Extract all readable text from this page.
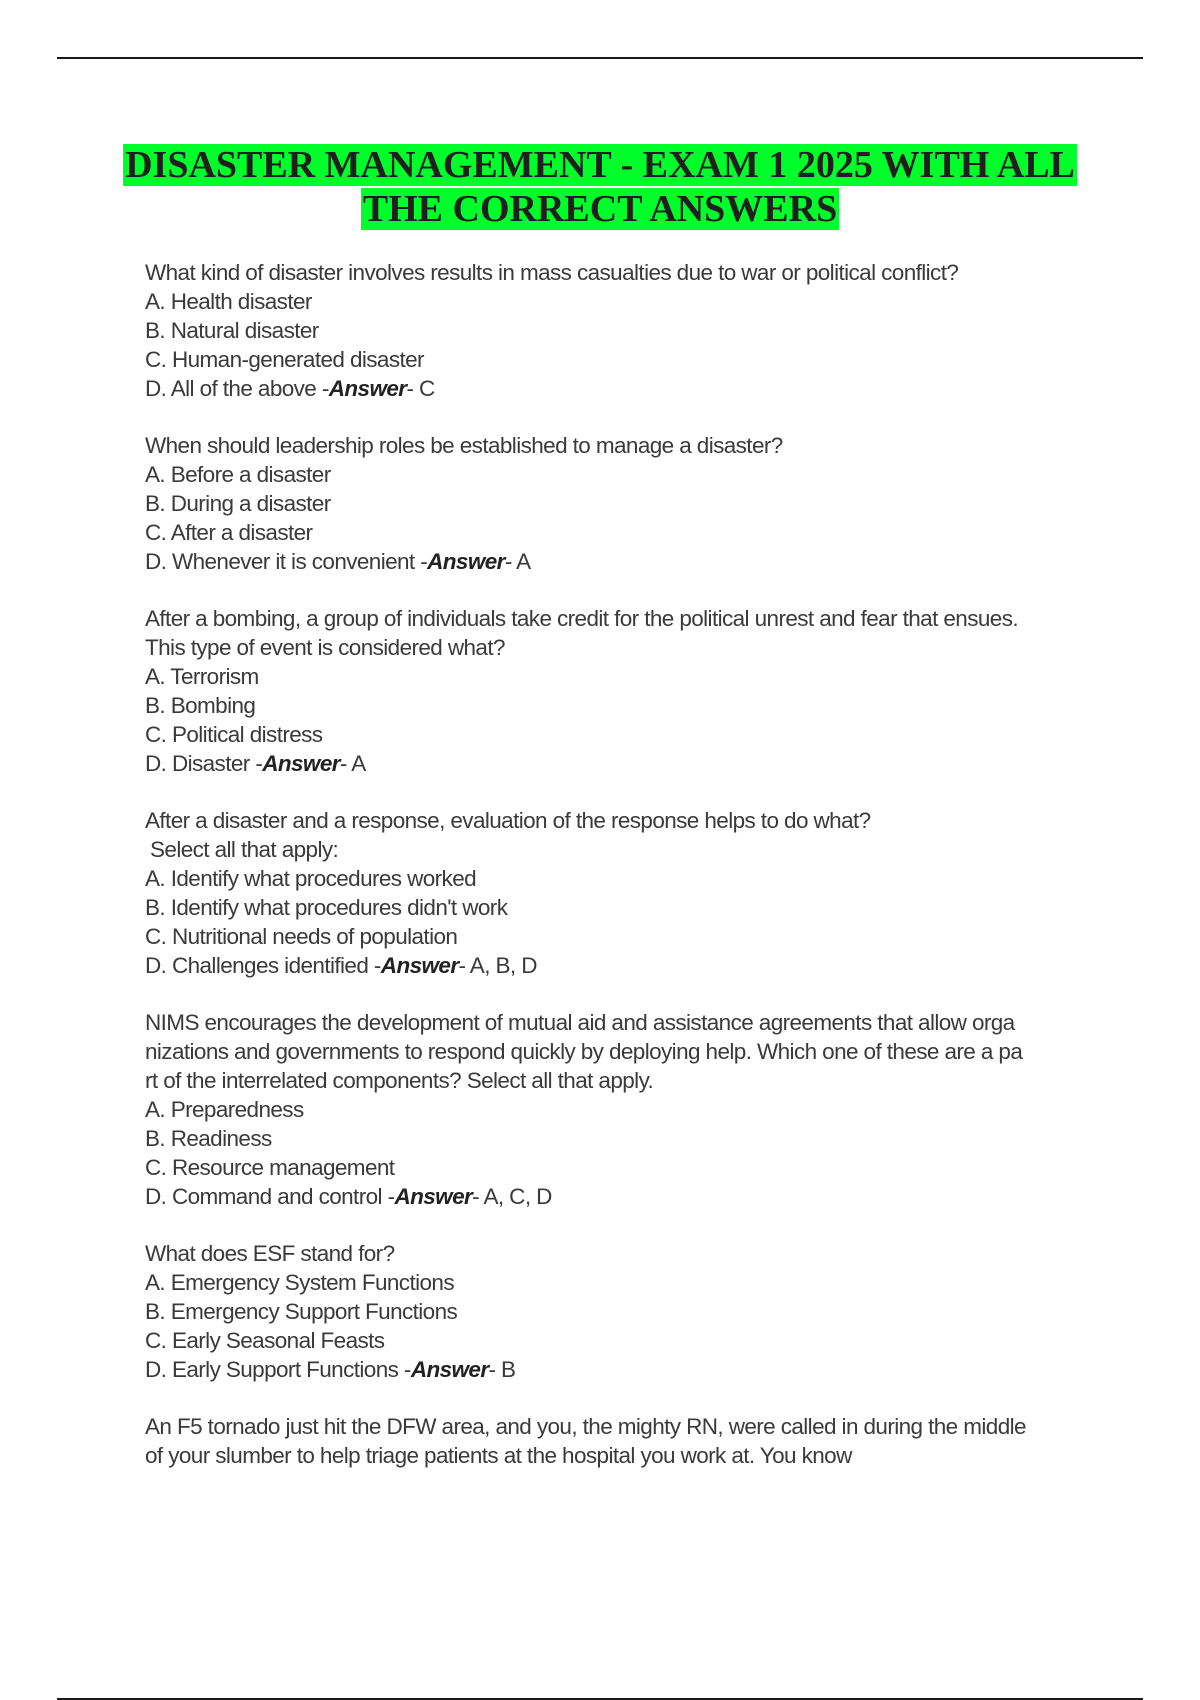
DISASTER MANAGEMENT - EXAM 1 2025 WITH ALL
THE CORRECT ANSWERS
What kind of disaster involves results in mass casualties due to war or political conflict?
A. Health disaster
B. Natural disaster
C. Human-generated disaster
D. All of the above -Answer- C
When should leadership roles be established to manage a disaster?
A. Before a disaster
B. During a disaster
C. After a disaster
D. Whenever it is convenient -Answer- A
After a bombing, a group of individuals take credit for the political unrest and fear that ensues.
This type of event is considered what?
A. Terrorism
B. Bombing
C. Political distress
D. Disaster -Answer- A
After a disaster and a response, evaluation of the response helps to do what?
Select all that apply:
A. Identify what procedures worked
B. Identify what procedures didn't work
C. Nutritional needs of population
D. Challenges identified -Answer- A, B, D
NIMS encourages the development of mutual aid and assistance agreements that allow orga
nizations and governments to respond quickly by deploying help. Which one of these are a pa
rt of the interrelated components? Select all that apply.
A. Preparedness
B. Readiness
C. Resource management
D. Command and control -Answer- A, C, D
What does ESF stand for?
A. Emergency System Functions
B. Emergency Support Functions
C. Early Seasonal Feasts
D. Early Support Functions -Answer- B
An F5 tornado just hit the DFW area, and you, the mighty RN, were called in during the middle
of your slumber to help triage patients at the hospital you work at. You know
